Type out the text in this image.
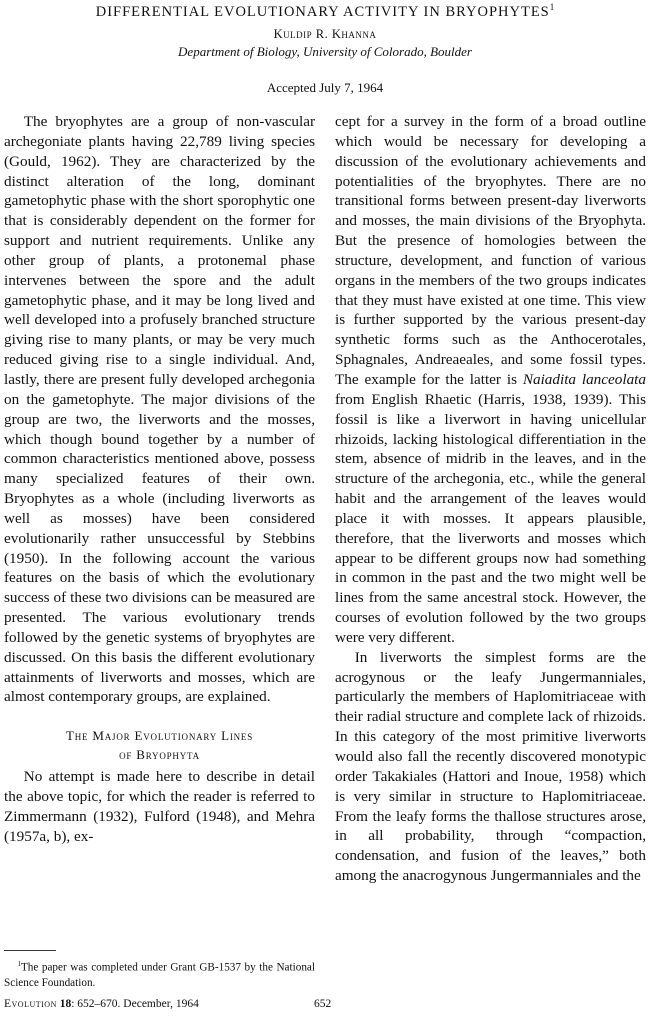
DIFFERENTIAL EVOLUTIONARY ACTIVITY IN BRYOPHYTES$^1$
Kuldip R. Khanna
Department of Biology, University of Colorado, Boulder
Accepted July 7, 1964

The bryophytes are a group of non-vascular archegoniate plants having 22,789 living species (Gould, 1962). They are characterized by the distinct alteration of the long, dominant gametophytic phase with the short sporophytic one that is considerably dependent on the former for support and nutrient requirements. Unlike any other group of plants, a protonemal phase intervenes between the spore and the adult gametophytic phase, and it may be long lived and well developed into a profusely branched structure giving rise to many plants, or may be very much reduced giving rise to a single individual. And, lastly, there are present fully developed archegonia on the gametophyte. The major divisions of the group are two, the liverworts and the mosses, which though bound together by a number of common characteristics mentioned above, possess many specialized features of their own. Bryophytes as a whole (including liverworts as well as mosses) have been considered evolutionarily rather unsuccessful by Stebbins (1950). In the following account the various features on the basis of which the evolutionary success of these two divisions can be measured are presented. The various evolutionary trends followed by the genetic systems of bryophytes are discussed. On this basis the different evolutionary attainments of liverworts and mosses, which are almost contemporary groups, are explained.

The Major Evolutionary Lines
of Bryophyta

No attempt is made here to describe in detail the above topic, for which the reader is referred to Zimmermann (1932), Fulford (1948), and Mehra (1957a, b), ex-

cept for a survey in the form of a broad outline which would be necessary for developing a discussion of the evolutionary achievements and potentialities of the bryophytes. There are no transitional forms between present-day liverworts and mosses, the main divisions of the Bryophyta. But the presence of homologies between the structure, development, and function of various organs in the members of the two groups indicates that they must have existed at one time. This view is further supported by the various present-day synthetic forms such as the Anthocerotales, Sphagnales, Andreaeales, and some fossil types. The example for the latter is Naiadita lanceolata from English Rhaetic (Harris, 1938, 1939). This fossil is like a liverwort in having unicellular rhizoids, lacking histological differentiation in the stem, absence of midrib in the leaves, and in the structure of the archegonia, etc., while the general habit and the arrangement of the leaves would place it with mosses. It appears plausible, therefore, that the liverworts and mosses which appear to be different groups now had something in common in the past and the two might well be lines from the same ancestral stock. However, the courses of evolution followed by the two groups were very different.

In liverworts the simplest forms are the acrogynous or the leafy Jungermanniales, particularly the members of Haplomitriaceae with their radial structure and complete lack of rhizoids. In this category of the most primitive liverworts would also fall the recently discovered monotypic order Takakiales (Hattori and Inoue, 1958) which is very similar in structure to Haplomitriaceae. From the leafy forms the thallose structures arose, in all probability, through “compaction, condensation, and fusion of the leaves,” both among the anacrogynous Jungermanniales and the

$^1$The paper was completed under Grant GB-1537 by the National Science Foundation.
Evolution 18: 652–670. December, 1964	652
